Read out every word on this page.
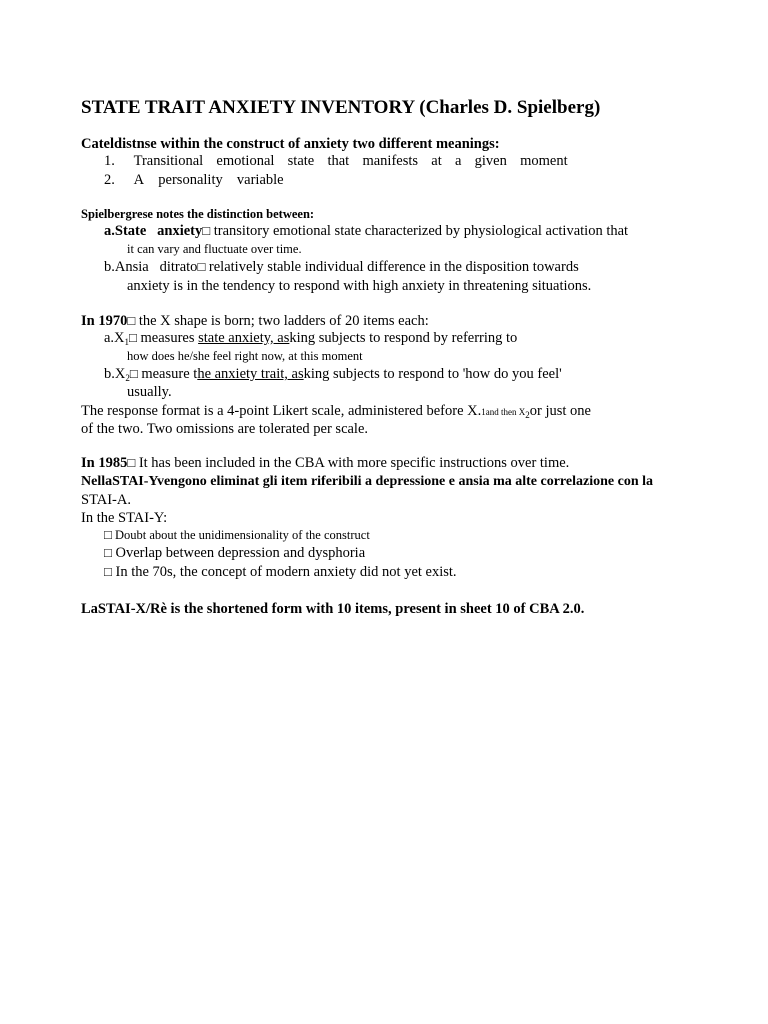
STATE TRAIT ANXIETY INVENTORY (Charles D. Spielberg)
Cateldistnse within the construct of anxiety two different meanings:
1. Transitional emotional state that manifests at a given moment
2. A personality variable
Spielbergrese notes the distinction between:
a.State   anxiety□ transitory emotional state characterized by physiological activation that
it can vary and fluctuate over time.
b.Ansia   ditrato□ relatively stable individual difference in the disposition towards
anxiety is in the tendency to respond with high anxiety in threatening situations.
In 1970□ the X shape is born; two ladders of 20 items each:
$a.X_1□$ measures state anxiety, asking subjects to respond by referring to
how does he/she feel right now, at this moment
$b.X_2□$ measure the anxiety trait, asking subjects to respond to 'how do you feel'
usually.
The response format is a 4-point Likert scale, administered before X.1and then $X_2or$ just one
of the two. Two omissions are tolerated per scale.
In 1985□ It has been included in the CBA with more specific instructions over time.
NellaSTAI-Yvengono eliminat gli item riferibili a depressione e ansia ma alte correlazione con la
STAI-A.
In the STAI-Y:
□ Doubt about the unidimensionality of the construct
□ Overlap between depression and dysphoria
□ In the 70s, the concept of modern anxiety did not yet exist.
LaSTAI-X/Rè is the shortened form with 10 items, present in sheet 10 of CBA 2.0.
